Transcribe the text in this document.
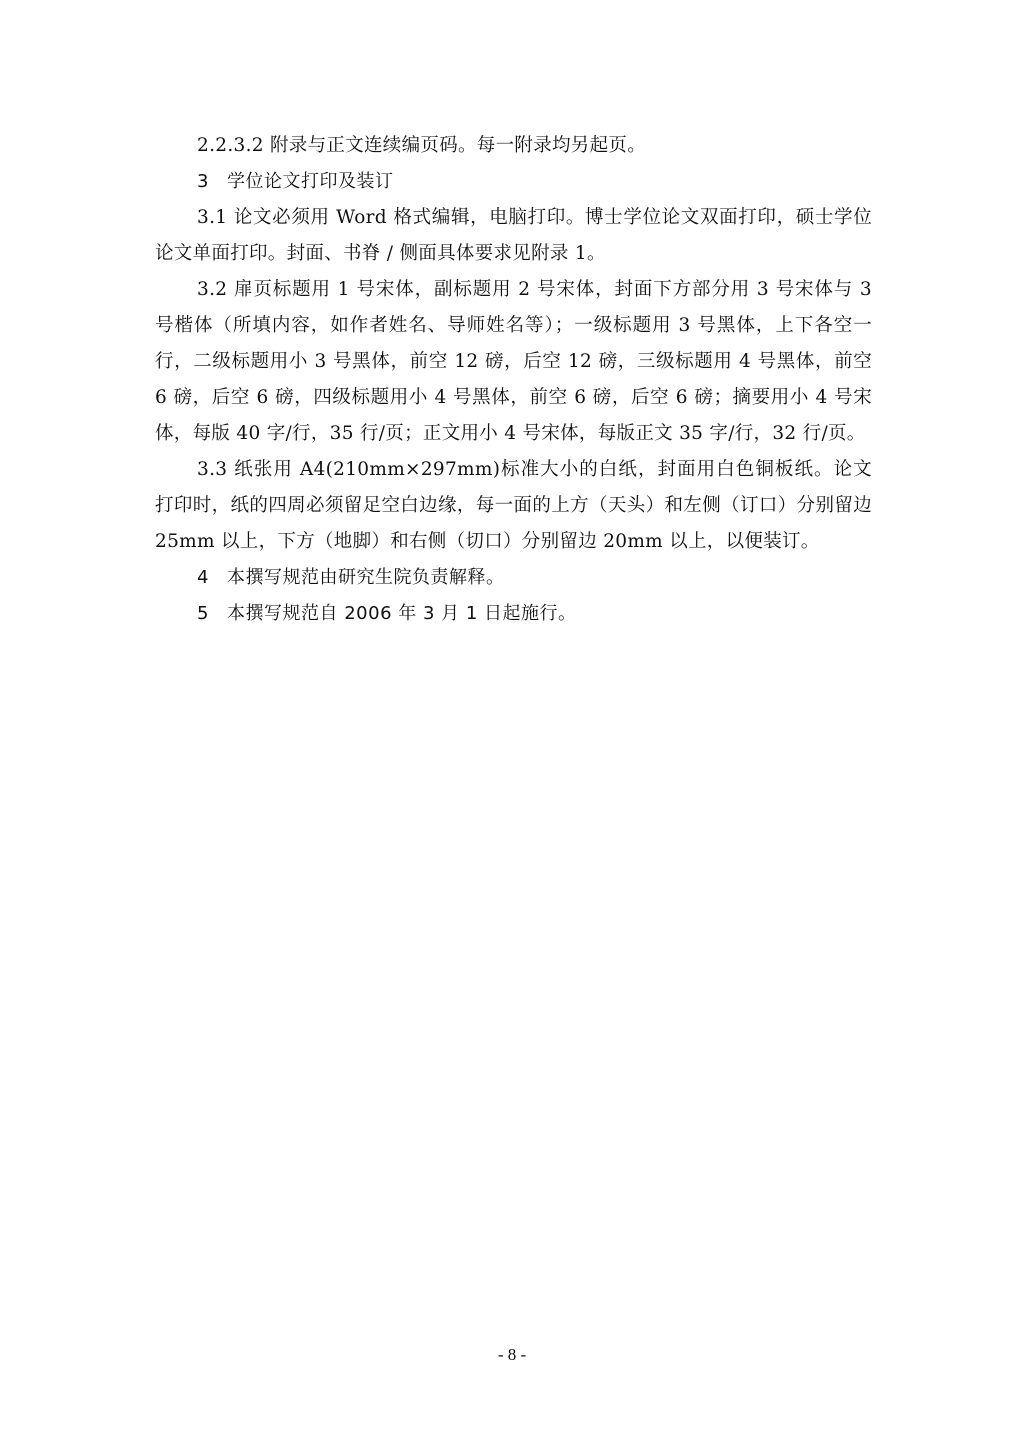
2.2.3.2 附录与正文连续编页码。每一附录均另起页。

3 学位论文打印及装订

3.1 论文必须用 Word 格式编辑，电脑打印。博士学位论文双面打印，硕士学位论文单面打印。封面、书脊 / 侧面具体要求见附录 1。

3.2 扉页标题用 1 号宋体，副标题用 2 号宋体，封面下方部分用 3 号宋体与 3 号楷体（所填内容，如作者姓名、导师姓名等）；一级标题用 3 号黑体，上下各空一行，二级标题用小 3 号黑体，前空 12 磅，后空 12 磅，三级标题用 4 号黑体，前空 6 磅，后空 6 磅，四级标题用小 4 号黑体，前空 6 磅，后空 6 磅；摘要用小 4 号宋体，每版 40 字/行，35 行/页；正文用小 4 号宋体，每版正文 35 字/行，32 行/页。

3.3 纸张用 A4(210mm×297mm)标准大小的白纸，封面用白色铜板纸。论文打印时，纸的四周必须留足空白边缘，每一面的上方（天头）和左侧（订口）分别留边 25mm 以上，下方（地脚）和右侧（切口）分别留边 20mm 以上，以便装订。

4 本撰写规范由研究生院负责解释。

5 本撰写规范自 2006 年 3 月 1 日起施行。

- 8 -
